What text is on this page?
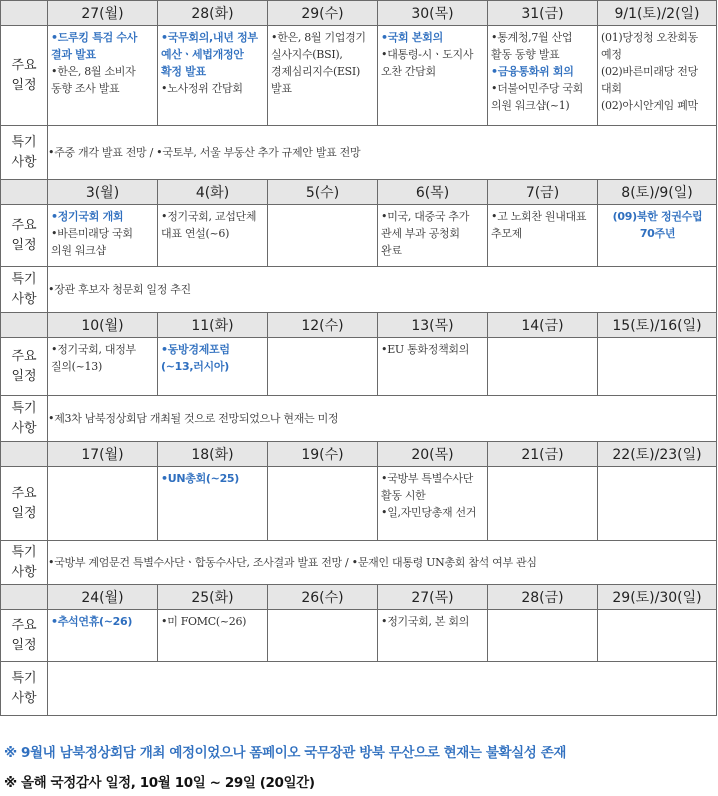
	27(월)	28(화)	29(수)	30(목)	31(금)	9/1(토)/2(일)

주요
일정	•드루킹 특검 수사
결과 발표
•한은, 8월 소비자
동향 조사 발표	•국무회의,내년 정부
예산ㆍ세법개정안
확정 발표
•노사정위 간담회	•한은, 8월 기업경기
실사지수(BSI),
경제심리지수(ESI)
발표	•국회 본회의
•대통령-시ㆍ도지사
오찬 간담회	•통계청,7월 산업
활동 동향 발표
•금융통화위 회의
•더불어민주당 국회
의원 워크샵(~1)	(01)당정청 오찬회동
예정
(02)바른미래당 전당
대회
(02)아시안게임 폐막

특기
사항	•주중 개각 발표 전망 / •국토부, 서울 부동산 추가 규제안 발표 전망					
	3(월)	4(화)	5(수)	6(목)	7(금)	8(토)/9(일)

주요
일정	•정기국회 개회
•바른미래당 국회
의원 워크샵	•정기국회, 교섭단체
대표 연설(~6)		•미국, 대중국 추가
관세 부과 공청회
완료	•고 노회찬 원내대표
추모제	(09)북한 정권수립
70주년

특기
사항	•장관 후보자 청문회 일정 추진					
	10(월)	11(화)	12(수)	13(목)	14(금)	15(토)/16(일)

주요
일정	•정기국회, 대정부
질의(~13)	•동방경제포럼
(~13,러시아)		•EU 통화정책회의		

특기
사항	•제3차 남북정상회담 개최될 것으로 전망되었으나 현재는 미정					
	17(월)	18(화)	19(수)	20(목)	21(금)	22(토)/23(일)

주요
일정		•UN총회(~25)		•국방부 특별수사단
활동 시한
•일,자민당총재 선거		

특기
사항	•국방부 계엄문건 특별수사단ㆍ합동수사단, 조사결과 발표 전망 / •문재인 대통령 UN총회 참석 여부 관심					
	24(월)	25(화)	26(수)	27(목)	28(금)	29(토)/30(일)

주요
일정	•추석연휴(~26)	•미 FOMC(~26)		•정기국회, 본 회의		

특기
사항						

※ 9월내 남북정상회담 개최 예정이었으나 폼페이오 국무장관 방북 무산으로 현재는 불확실성 존재
※ 올해 국정감사 일정, 10월 10일 ~ 29일 (20일간)
